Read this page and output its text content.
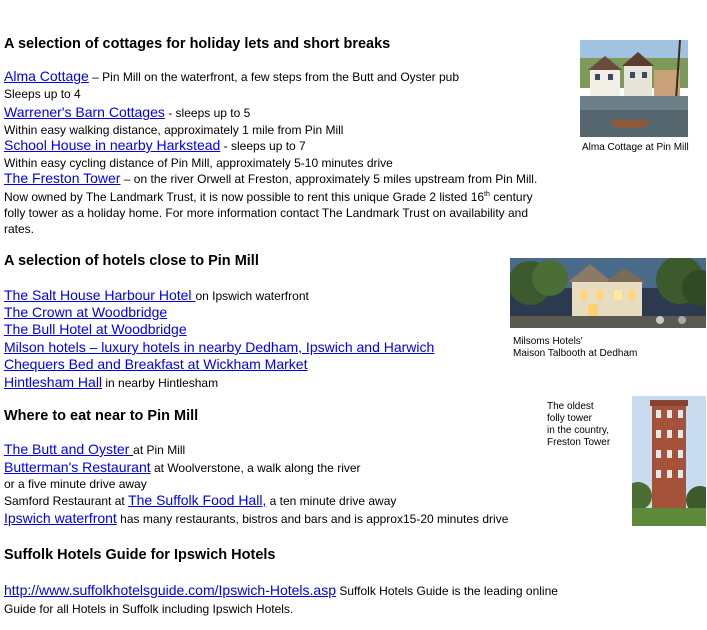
A selection of cottages for holiday lets and short breaks
Alma Cottage – Pin Mill on the waterfront, a few steps from the Butt and Oyster pub
Sleeps up to 4
Warrener's Barn Cottages - sleeps up to 5
Within easy walking distance, approximately 1 mile from Pin Mill
School House in nearby Harkstead - sleeps up to 7
Within easy cycling distance of Pin Mill, approximately 5-10 minutes drive
The Freston Tower – on the river Orwell at Freston, approximately 5 miles upstream from Pin Mill. Now owned by The Landmark Trust, it is now possible to rent this unique Grade 2 listed 16th century folly tower as a holiday home. For more information contact The Landmark Trust on availability and rates.
Alma Cottage at Pin Mill
A selection of hotels close to Pin Mill
The Salt House Harbour Hotel on Ipswich waterfront
The Crown at Woodbridge
The Bull Hotel at Woodbridge
Milson hotels – luxury hotels in nearby Dedham, Ipswich and Harwich
Chequers Bed and Breakfast at Wickham Market
Hintlesham Hall in nearby Hintlesham
Milsoms Hotels'
Maison Talbooth at Dedham
Where to eat near to Pin Mill
The Butt and Oyster at Pin Mill
Butterman's Restaurant at Woolverstone, a walk along the river
or a five minute drive away
Samford Restaurant at The Suffolk Food Hall, a ten minute drive away
Ipswich waterfront has many restaurants, bistros and bars and is approx15-20 minutes drive
The oldest
folly tower
in the country,
Freston Tower
Suffolk Hotels Guide for Ipswich Hotels
http://www.suffolkhotelsguide.com/Ipswich-Hotels.asp Suffolk Hotels Guide is the leading online
Guide for all Hotels in Suffolk including Ipswich Hotels.
